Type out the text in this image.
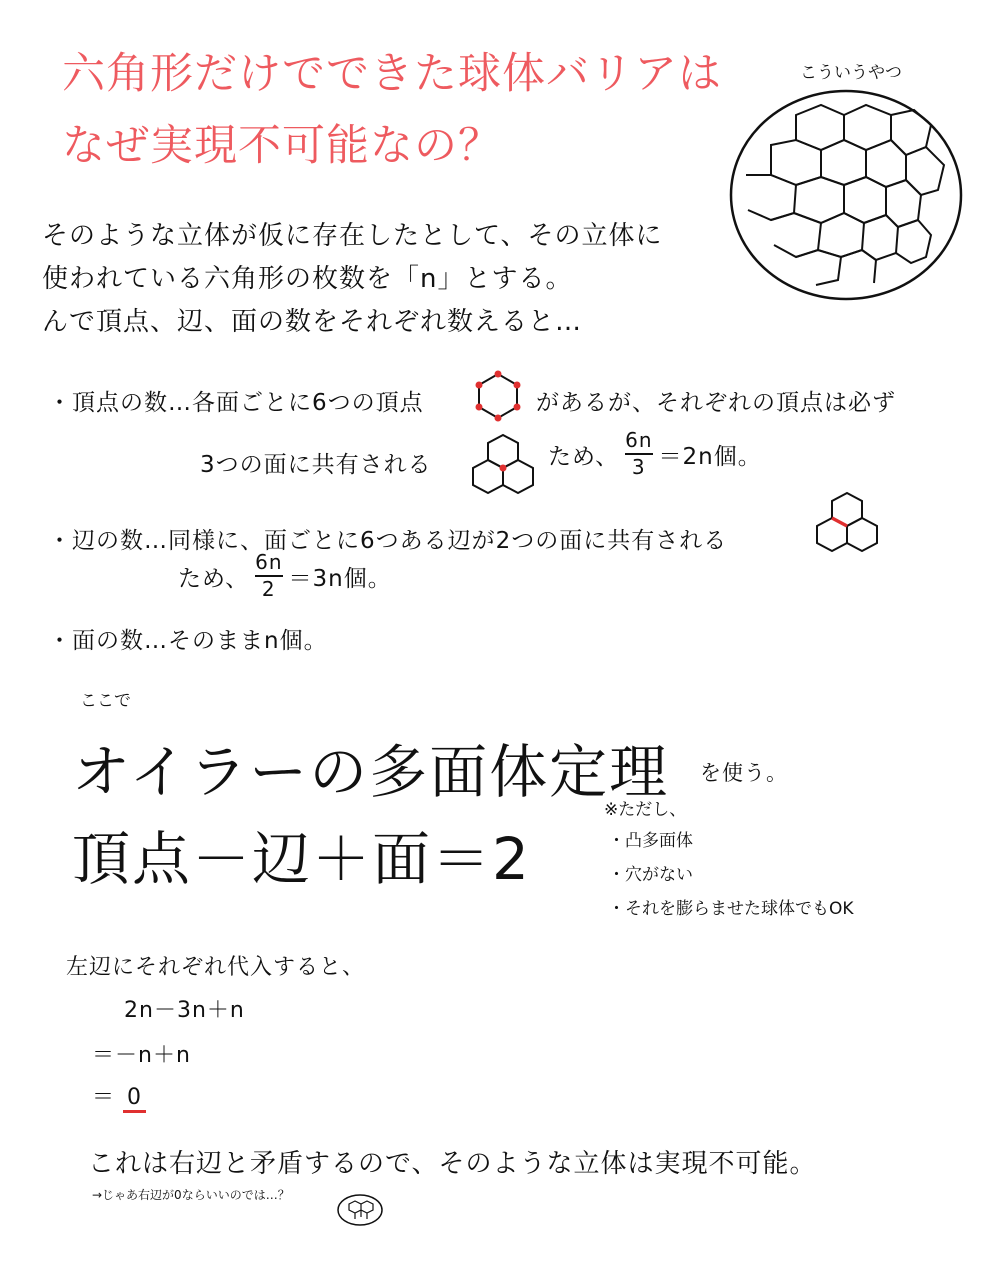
六角形だけでできた球体バリアは
なぜ実現不可能なの？
こういうやつ
そのような立体が仮に存在したとして、その立体に
使われている六角形の枚数を「n」とする。
んで頂点、辺、面の数をそれぞれ数えると…
・頂点の数…各面ごとに6つの頂点	があるが、それぞれの頂点は必ず
3つの面に共有される	ため、 $\frac{6n}{3} =2n$個。
・辺の数…同様に、面ごとに6つある辺が2つの面に共有される
ため、 $\frac{6n}{2} =3n$個。
・面の数…そのままn個。
ここで
オイラーの多面体定理 を使う。
頂点－辺＋面＝2
※ただし、
・凸多面体
・穴がない
・それを膨らませた球体でもOK
左辺にそれぞれ代入すると、
2n－3n＋n
＝－n＋n
＝ 0
これは右辺と矛盾するので、そのような立体は実現不可能。
→じゃあ右辺が0ならいいのでは…？
